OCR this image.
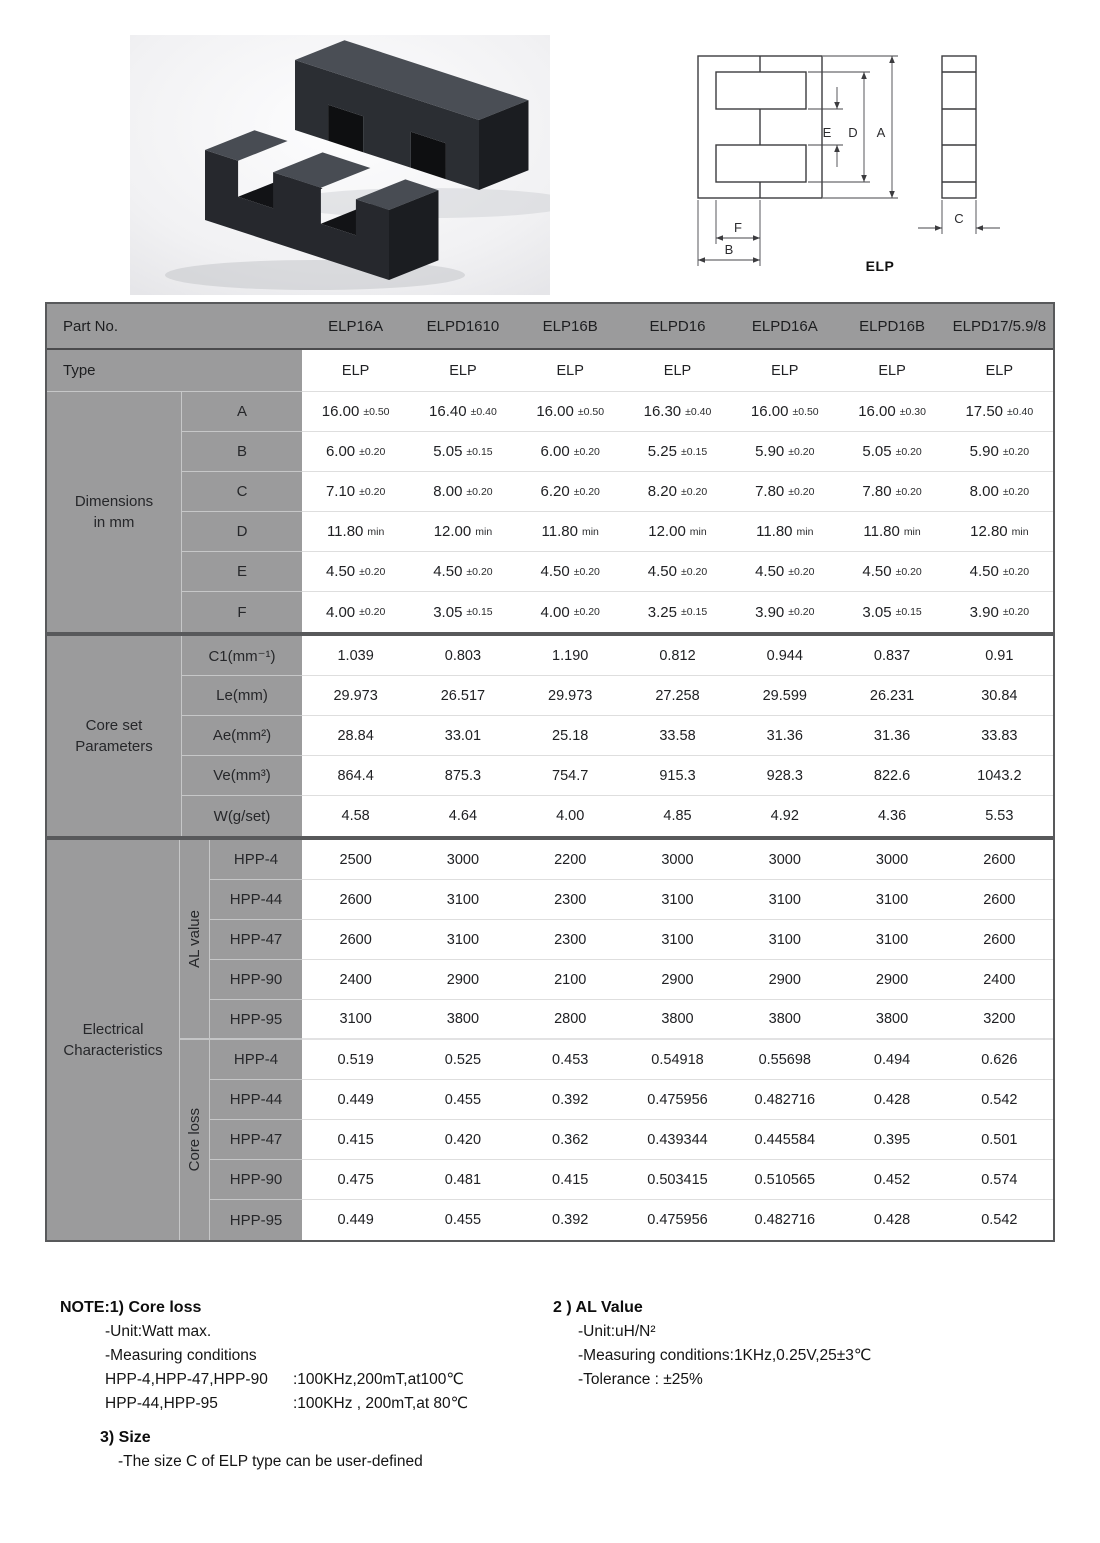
E D A
F
B
C
ELP
Part No.	ELP16A	ELPD1610	ELP16B	ELPD16	ELPD16A	ELPD16B	ELPD17/5.9/8
Type	ELP	ELP	ELP	ELP	ELP	ELP	ELP
Dimensions
in mm
A	16.00 ±0.50	16.40 ±0.40	16.00 ±0.50	16.30 ±0.40	16.00 ±0.50	16.00 ±0.30	17.50 ±0.40
B	6.00 ±0.20	5.05 ±0.15	6.00 ±0.20	5.25 ±0.15	5.90 ±0.20	5.05 ±0.20	5.90 ±0.20
C	7.10 ±0.20	8.00 ±0.20	6.20 ±0.20	8.20 ±0.20	7.80 ±0.20	7.80 ±0.20	8.00 ±0.20
D	11.80 min	12.00 min	11.80 min	12.00 min	11.80 min	11.80 min	12.80 min
E	4.50 ±0.20	4.50 ±0.20	4.50 ±0.20	4.50 ±0.20	4.50 ±0.20	4.50 ±0.20	4.50 ±0.20
F	4.00 ±0.20	3.05 ±0.15	4.00 ±0.20	3.25 ±0.15	3.90 ±0.20	3.05 ±0.15	3.90 ±0.20
Core set
Parameters
C1(mm⁻¹)	1.039	0.803	1.190	0.812	0.944	0.837	0.91
Le(mm)	29.973	26.517	29.973	27.258	29.599	26.231	30.84
Ae(mm²)	28.84	33.01	25.18	33.58	31.36	31.36	33.83
Ve(mm³)	864.4	875.3	754.7	915.3	928.3	822.6	1043.2
W(g/set)	4.58	4.64	4.00	4.85	4.92	4.36	5.53
Electrical
Characteristics
AL value
HPP-4	2500	3000	2200	3000	3000	3000	2600
HPP-44	2600	3100	2300	3100	3100	3100	2600
HPP-47	2600	3100	2300	3100	3100	3100	2600
HPP-90	2400	2900	2100	2900	2900	2900	2400
HPP-95	3100	3800	2800	3800	3800	3800	3200
Core loss
HPP-4	0.519	0.525	0.453	0.54918	0.55698	0.494	0.626
HPP-44	0.449	0.455	0.392	0.475956	0.482716	0.428	0.542
HPP-47	0.415	0.420	0.362	0.439344	0.445584	0.395	0.501
HPP-90	0.475	0.481	0.415	0.503415	0.510565	0.452	0.574
HPP-95	0.449	0.455	0.392	0.475956	0.482716	0.428	0.542
NOTE:1) Core loss
-Unit:Watt max.
-Measuring conditions
HPP-4,HPP-47,HPP-90	:100KHz,200mT,at100℃
HPP-44,HPP-95	:100KHz , 200mT,at 80℃
2 ) AL Value
-Unit:uH/N²
-Measuring conditions:1KHz,0.25V,25±3℃
-Tolerance : ±25%
3) Size
-The size C of ELP type can be user-defined
